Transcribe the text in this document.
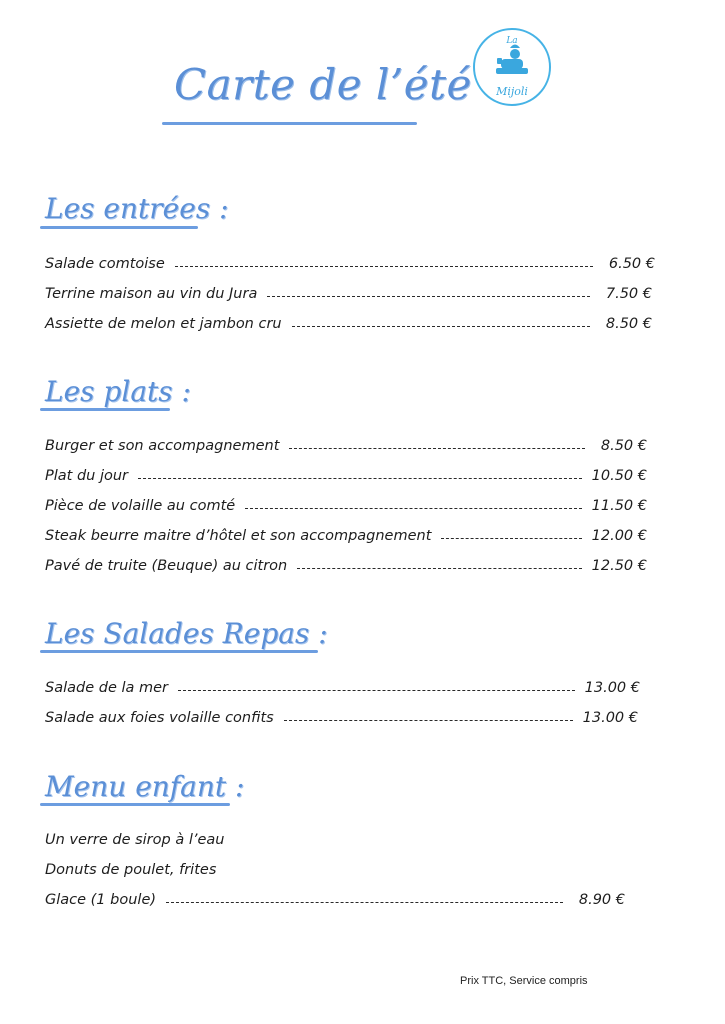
Carte de l’été
La
Mijoli
Les entrées :
Salade comtoise	6.50 €
Terrine maison au vin du Jura	7.50 €
Assiette de melon et jambon cru	8.50 €
Les plats :
Burger et son accompagnement	8.50 €
Plat du jour	10.50 €
Pièce de volaille au comté	11.50 €
Steak beurre maitre d’hôtel et son accompagnement	12.00 €
Pavé de truite (Beuque) au citron	12.50 €
Les Salades Repas :
Salade de la mer	13.00 €
Salade aux foies volaille confits	13.00 €
Menu enfant :
Un verre de sirop à l’eau
Donuts de poulet, frites
Glace (1 boule)	8.90 €
Prix TTC, Service compris
